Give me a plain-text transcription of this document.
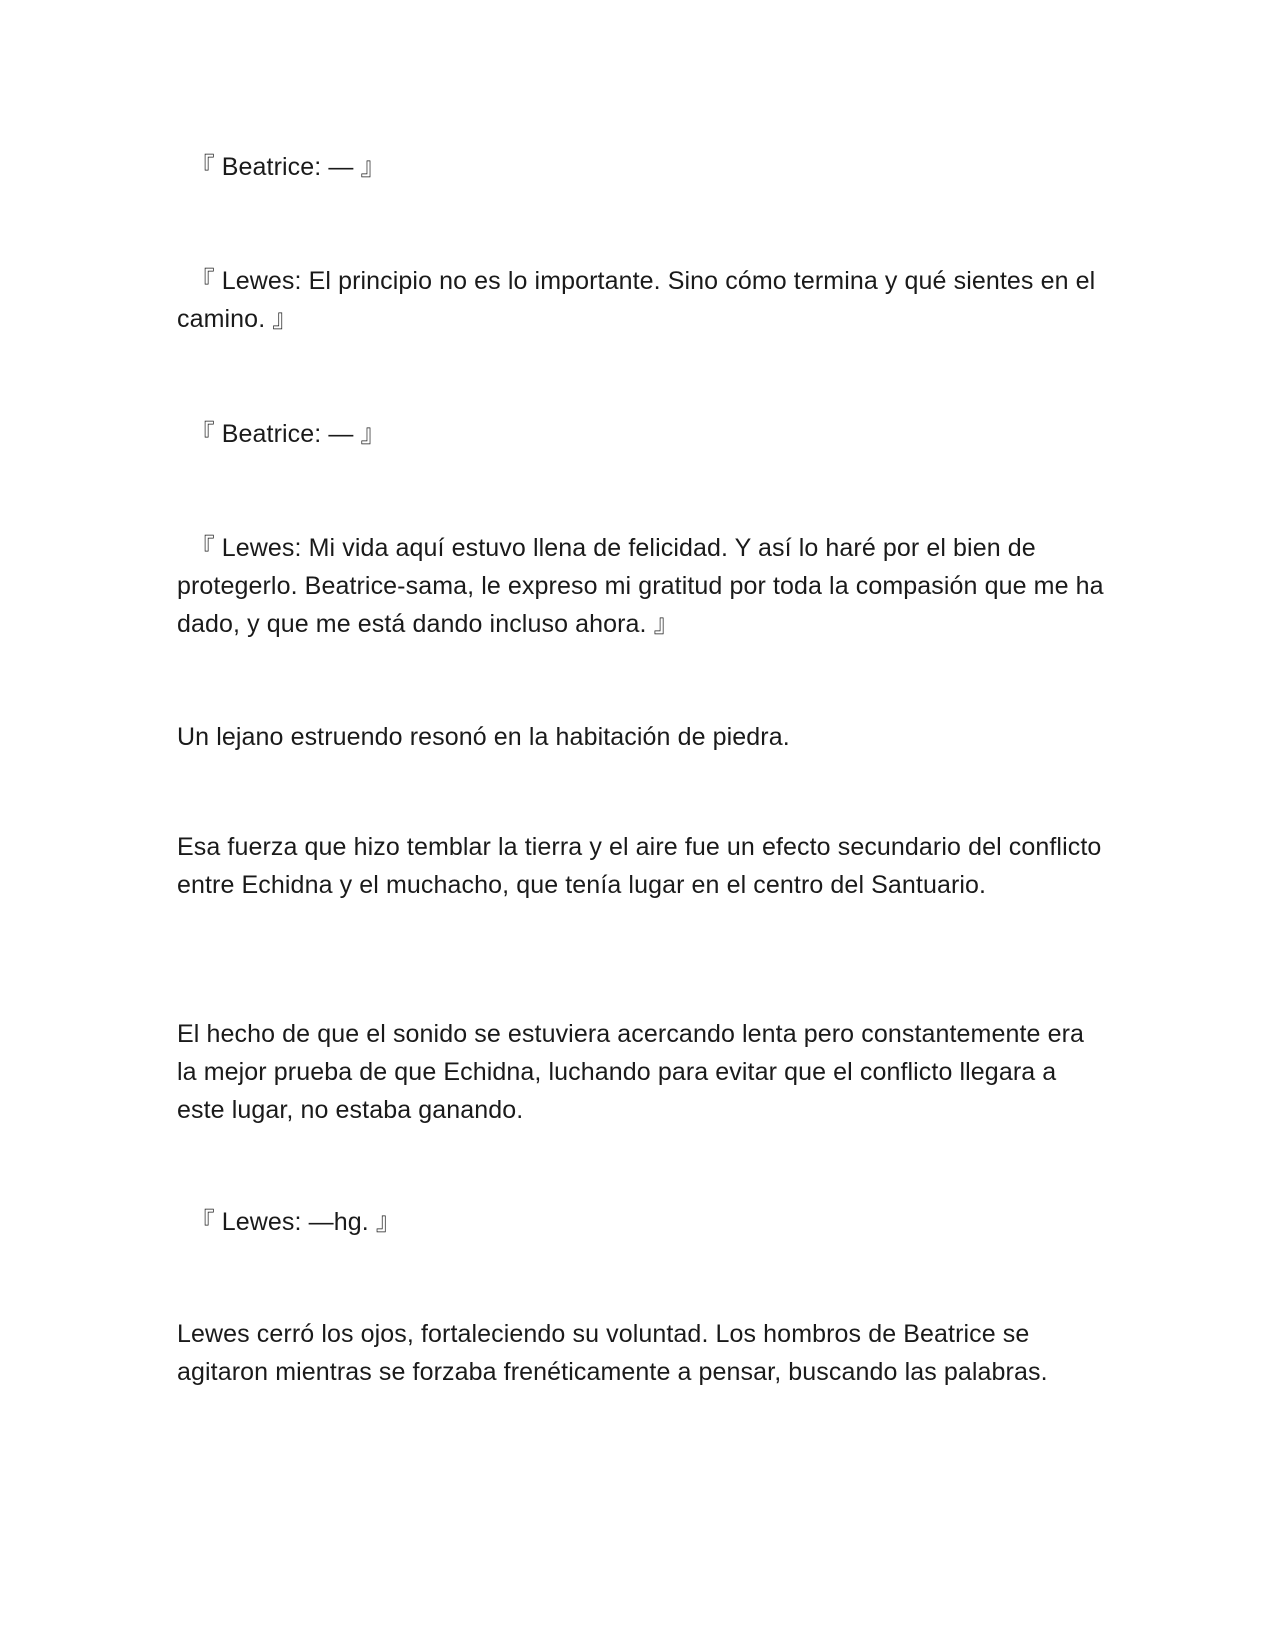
　『 Beatrice: — 』

　『 Lewes: El principio no es lo importante. Sino cómo termina y qué sientes en el camino. 』

　『 Beatrice: — 』

　『 Lewes: Mi vida aquí estuvo llena de felicidad. Y así lo haré por el bien de protegerlo. Beatrice-sama, le expreso mi gratitud por toda la compasión que me ha dado, y que me está dando incluso ahora. 』

Un lejano estruendo resonó en la habitación de piedra.

Esa fuerza que hizo temblar la tierra y el aire fue un efecto secundario del conflicto entre Echidna y el muchacho, que tenía lugar en el centro del Santuario.

El hecho de que el sonido se estuviera acercando lenta pero constantemente era la mejor prueba de que Echidna, luchando para evitar que el conflicto llegara a este lugar, no estaba ganando.

　『 Lewes: —hg. 』

Lewes cerró los ojos, fortaleciendo su voluntad. Los hombros de Beatrice se agitaron mientras se forzaba frenéticamente a pensar, buscando las palabras.
